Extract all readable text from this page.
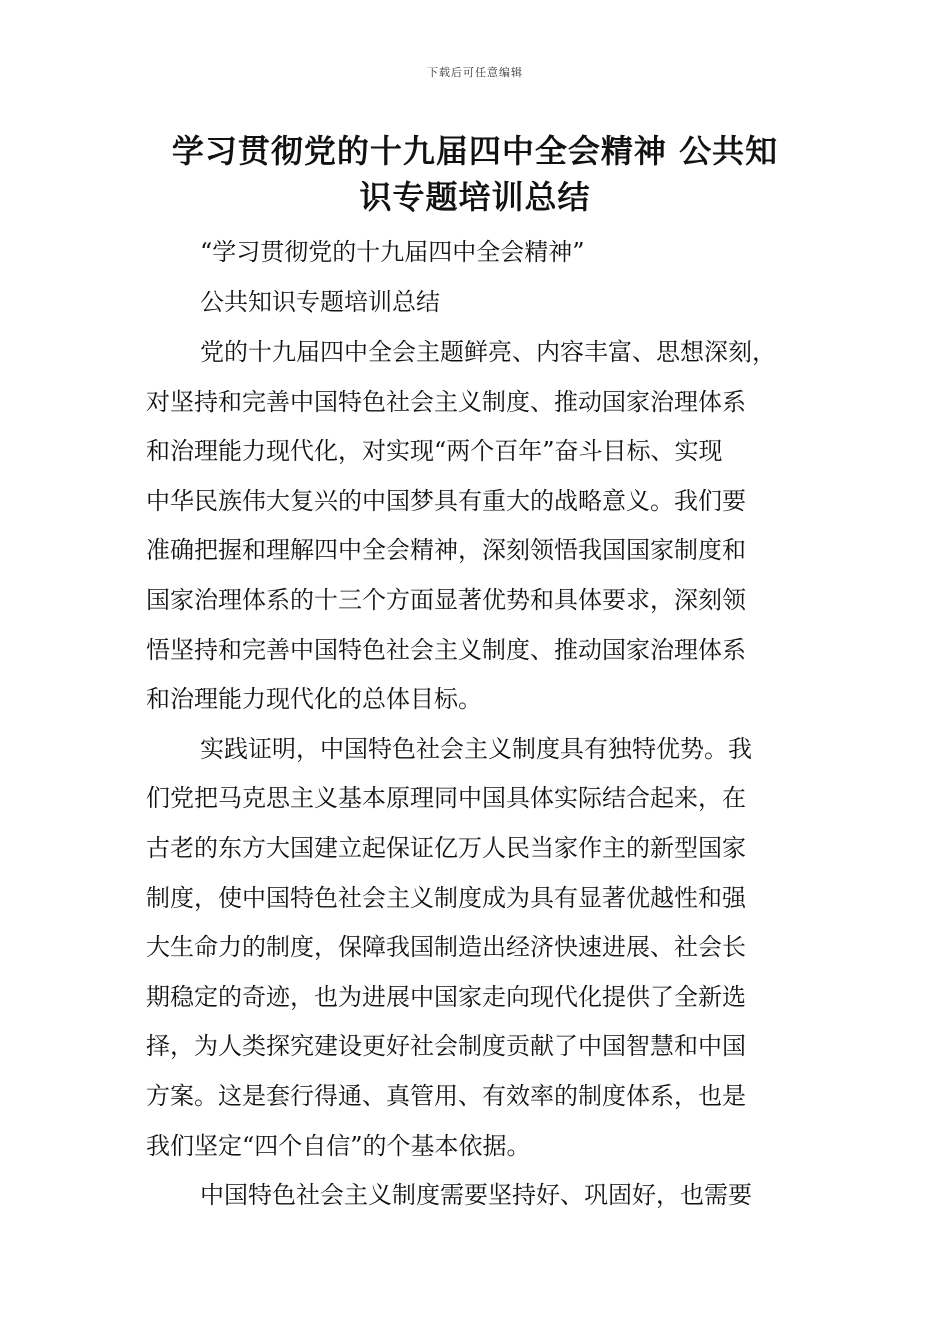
下载后可任意编辑
学习贯彻党的十九届四中全会精神 公共知
识专题培训总结
“学习贯彻党的十九届四中全会精神”
公共知识专题培训总结
党的十九届四中全会主题鲜亮、内容丰富、思想深刻，
对坚持和完善中国特色社会主义制度、推动国家治理体系
和治理能力现代化，对实现“两个百年”奋斗目标、实现
中华民族伟大复兴的中国梦具有重大的战略意义。我们要
准确把握和理解四中全会精神，深刻领悟我国国家制度和
国家治理体系的十三个方面显著优势和具体要求，深刻领
悟坚持和完善中国特色社会主义制度、推动国家治理体系
和治理能力现代化的总体目标。
实践证明，中国特色社会主义制度具有独特优势。我
们党把马克思主义基本原理同中国具体实际结合起来，在
古老的东方大国建立起保证亿万人民当家作主的新型国家
制度，使中国特色社会主义制度成为具有显著优越性和强
大生命力的制度，保障我国制造出经济快速进展、社会长
期稳定的奇迹，也为进展中国家走向现代化提供了全新选
择，为人类探究建设更好社会制度贡献了中国智慧和中国
方案。这是套行得通、真管用、有效率的制度体系，也是
我们坚定“四个自信”的个基本依据。
中国特色社会主义制度需要坚持好、巩固好，也需要
